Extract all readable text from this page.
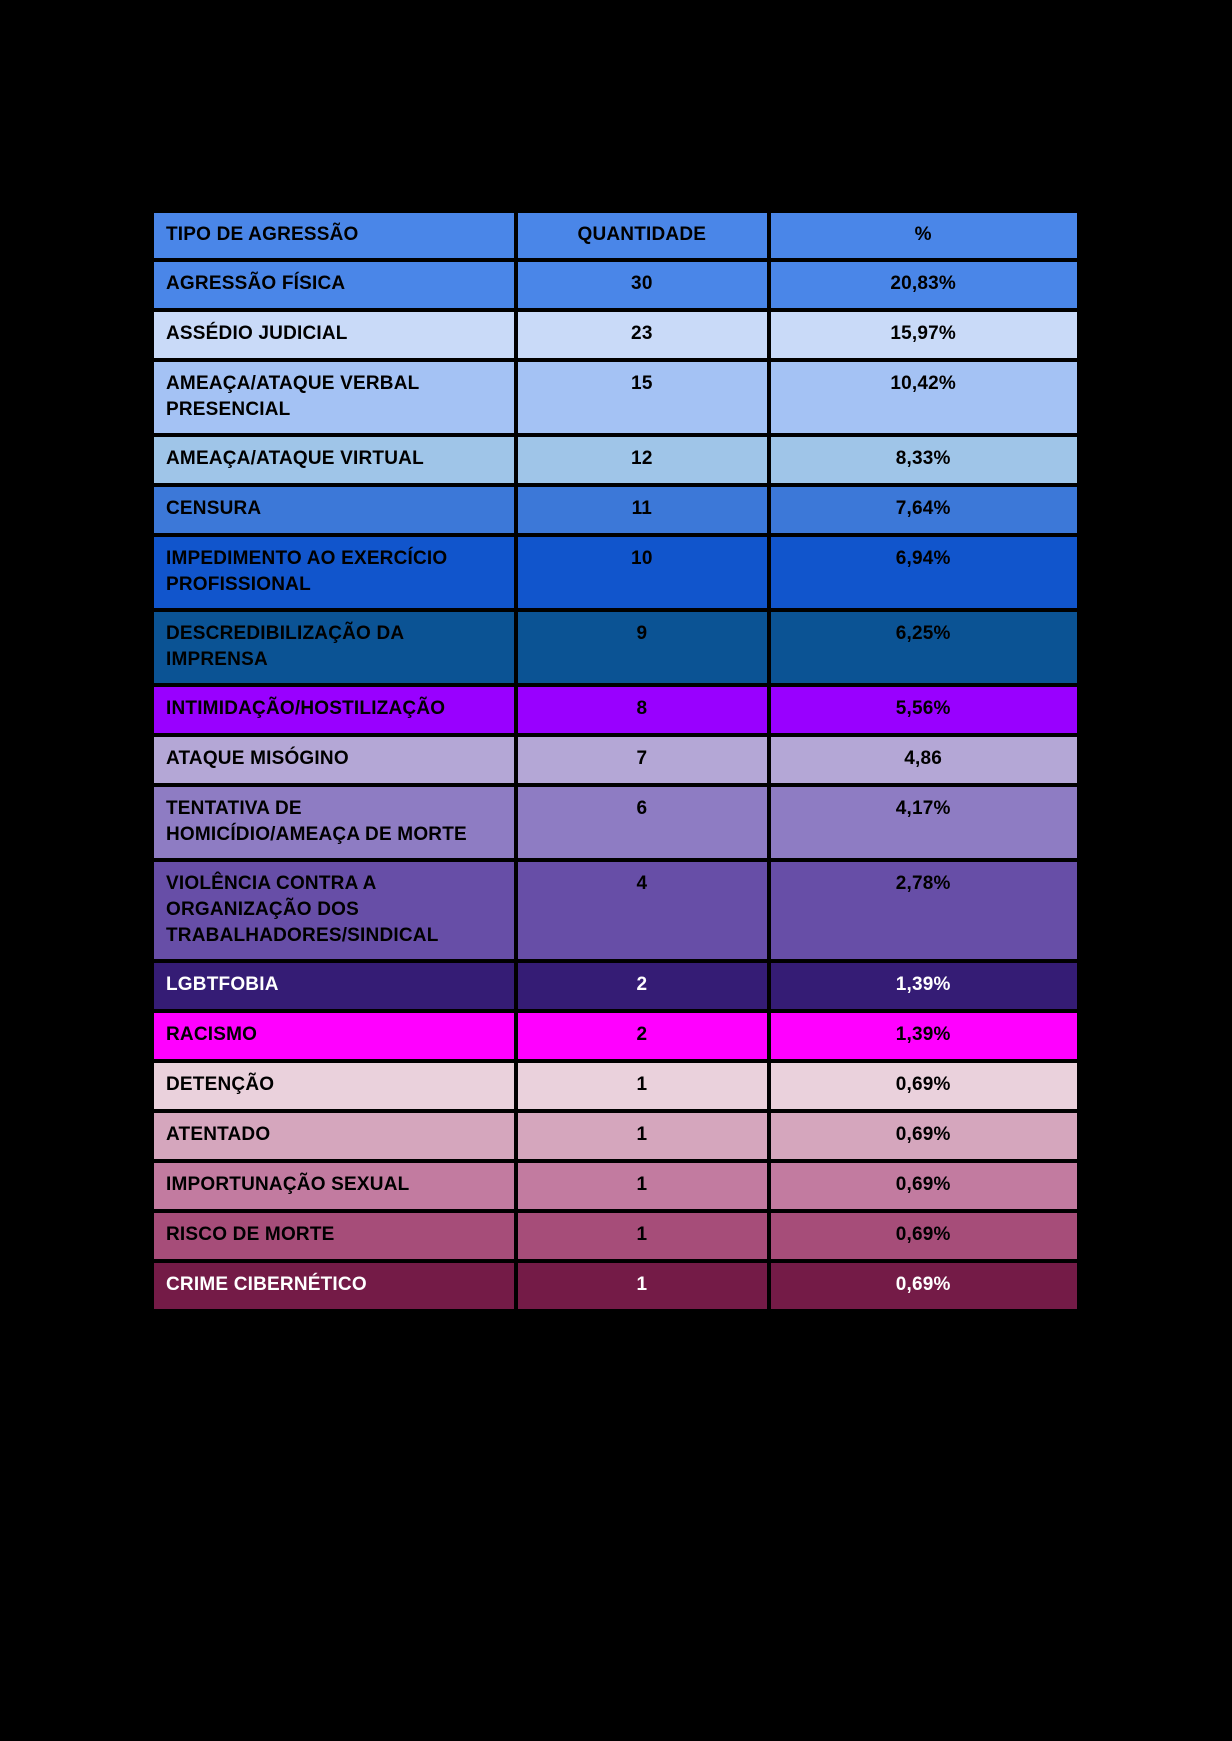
TIPO DE AGRESSÃO	QUANTIDADE	%
AGRESSÃO FÍSICA	30	20,83%
ASSÉDIO JUDICIAL	23	15,97%
AMEAÇA/ATAQUE VERBAL PRESENCIAL	15	10,42%
AMEAÇA/ATAQUE VIRTUAL	12	8,33%
CENSURA	11	7,64%
IMPEDIMENTO AO EXERCÍCIO PROFISSIONAL	10	6,94%
DESCREDIBILIZAÇÃO DA IMPRENSA	9	6,25%
INTIMIDAÇÃO/HOSTILIZAÇÃO	8	5,56%
ATAQUE MISÓGINO	7	4,86
TENTATIVA DE HOMICÍDIO/AMEAÇA DE MORTE	6	4,17%
VIOLÊNCIA CONTRA A ORGANIZAÇÃO DOS TRABALHADORES/SINDICAL	4	2,78%
LGBTFOBIA	2	1,39%
RACISMO	2	1,39%
DETENÇÃO	1	0,69%
ATENTADO	1	0,69%
IMPORTUNAÇÃO SEXUAL	1	0,69%
RISCO DE MORTE	1	0,69%
CRIME CIBERNÉTICO	1	0,69%
